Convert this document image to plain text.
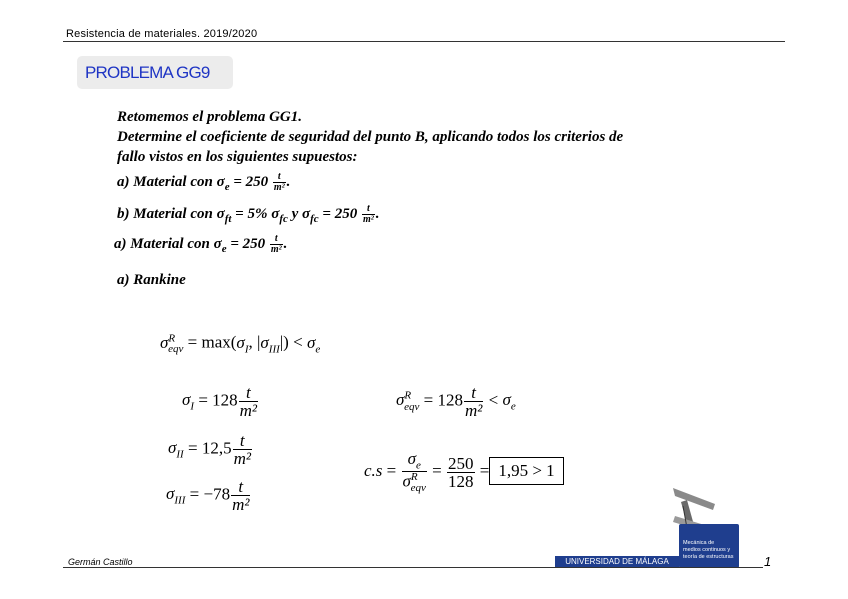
Resistencia de materiales. 2019/2020
PROBLEMA GG9
Retomemos el problema GG1.
Determine el coeficiente de seguridad del punto B, aplicando todos los criterios de
fallo vistos en los siguientes supuestos:
a) Material con $\sigma_e = 250 \frac{t}{\text{m²}}$ .
b) Material con $\sigma_{ft} = 5\%$ $\sigma_{fc}$ y $\sigma_{fc} = 250 \frac{t}{\text{m²}}$ .
a) Material con $\sigma_e = 250 \frac{t}{\text{m²}}$ .
a) Rankine
$\sigma^R_{eqv} = \max(\sigma_I$, $|\sigma_{III}|) < \sigma_e$
$\sigma_I = 128 \frac{t}{\text{m²}}$
$\sigma_{II} = 12,5 \frac{t}{\text{m²}}$
$\sigma_{III} = -78 \frac{t}{\text{m²}}$
$\sigma^R_{eqv} = 128 \frac{t}{\text{m²}} < \sigma_e$
$c.s = \frac{\sigma_e}{\sigma^R_{eqv}} = \frac{250}{128} = 1,95 > 1$
Mecánica de
medios continuos y
teoría de estructuras
Germán Castillo	UNIVERSIDAD DE MÁLAGA	1
